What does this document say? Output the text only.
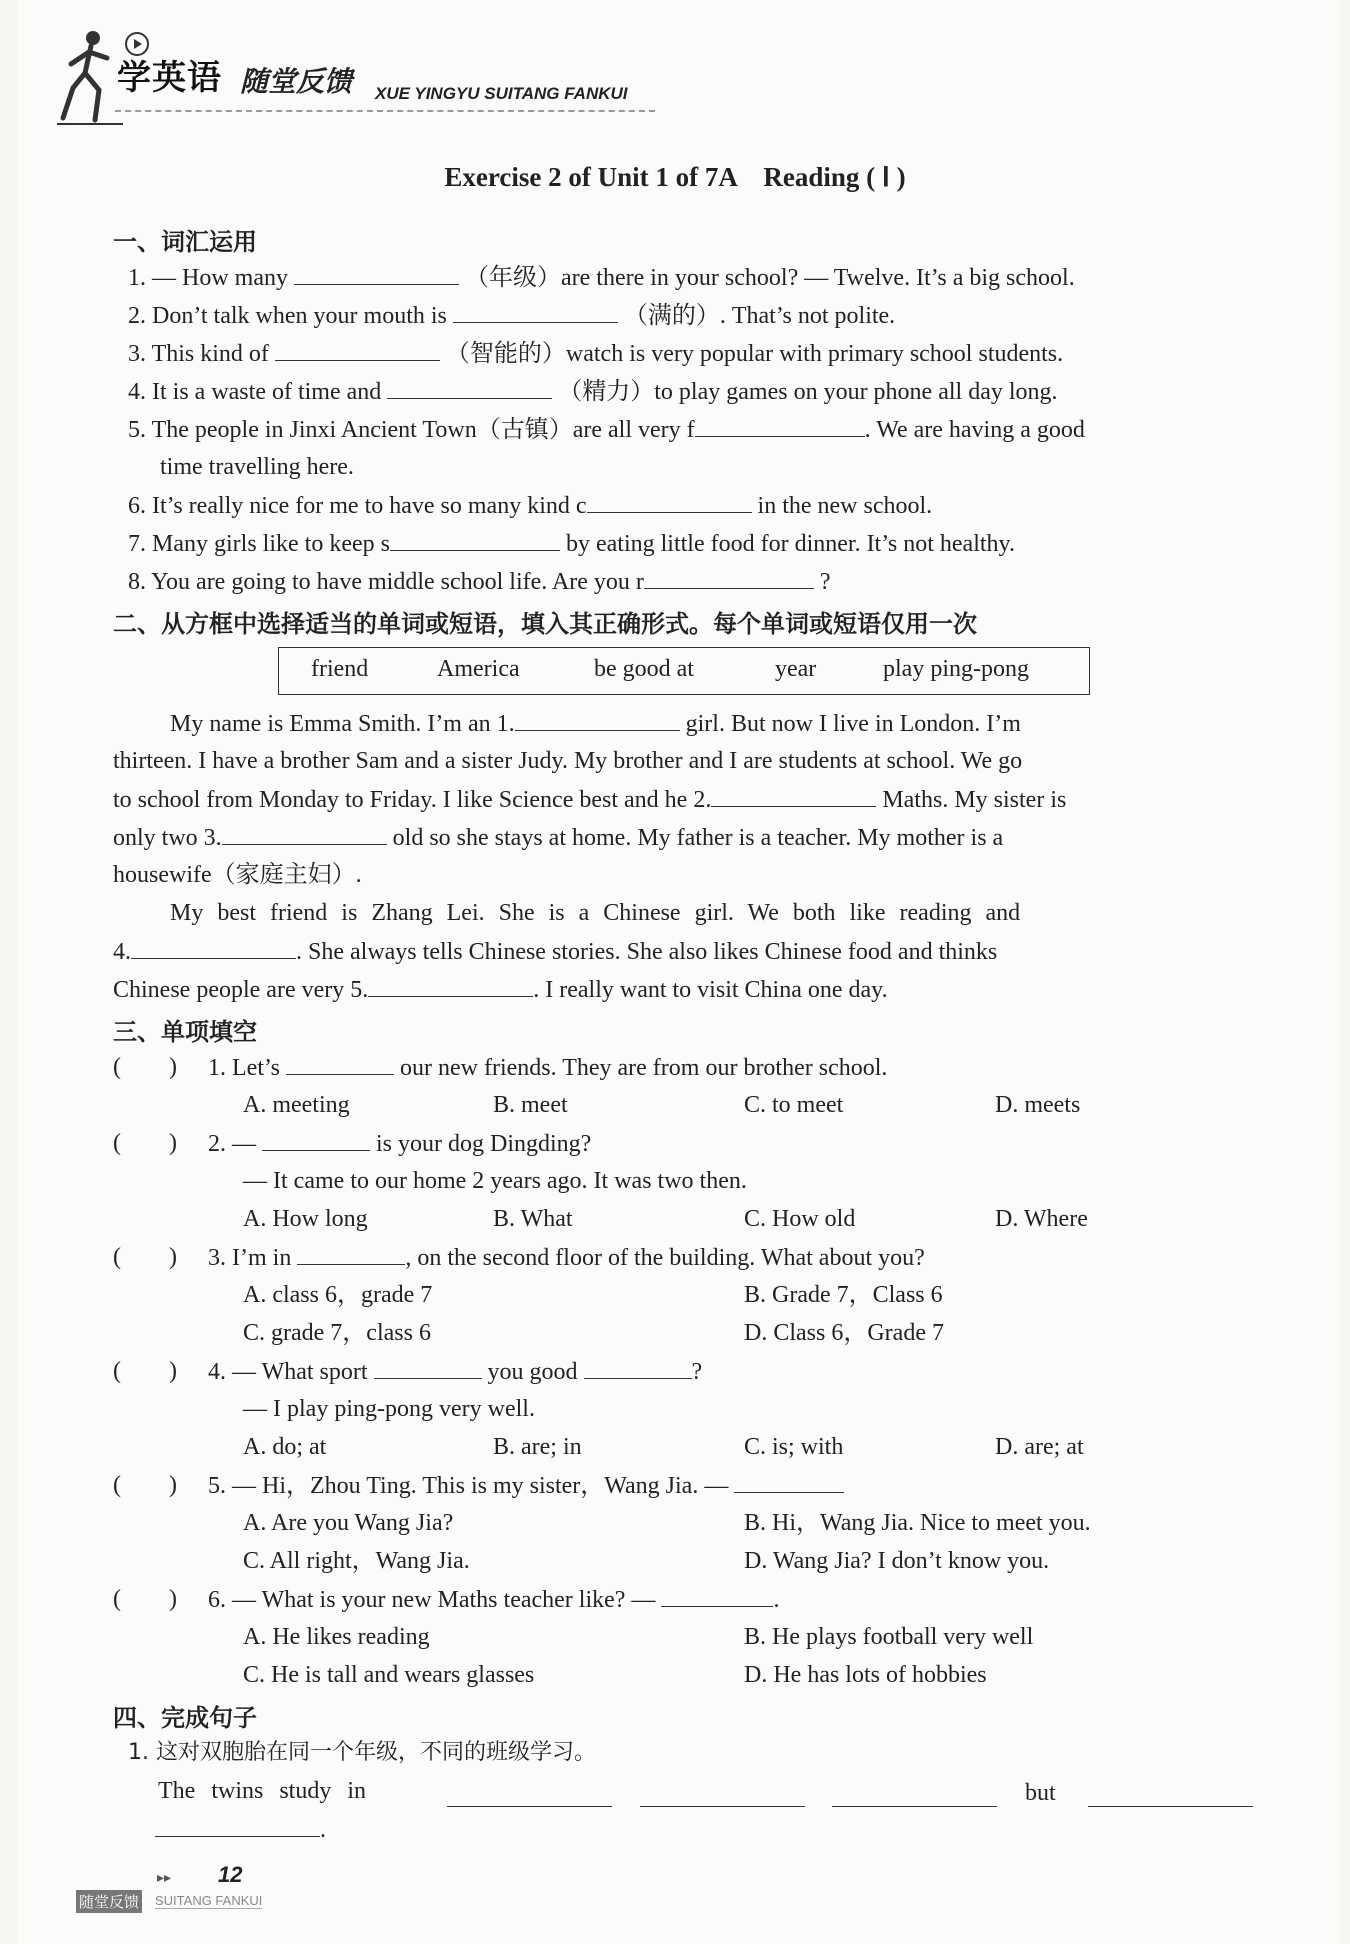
学英语 随堂反馈 XUE YINGYU SUITANG FANKUI
Exercise 2 of Unit 1 of 7A　Reading ( Ⅰ )
一、词汇运用
1. — How many	（年级）are there in your school? — Twelve. It’s a big school.
2. Don’t talk when your mouth is	（满的）. That’s not polite.
3. This kind of	（智能的）watch is very popular with primary school students.
4. It is a waste of time and	（精力）to play games on your phone all day long.
5. The people in Jinxi Ancient Town（古镇）are all very f	. We are having a good
time travelling here.
6. It’s really nice for me to have so many kind c	in the new school.
7. Many girls like to keep s	by eating little food for dinner. It’s not healthy.
8. You are going to have middle school life. Are you r	?
二、从方框中选择适当的单词或短语，填入其正确形式。每个单词或短语仅用一次
friend	America	be good at	year	play ping-pong
My name is Emma Smith. I’m an 1.	girl. But now I live in London. I’m
thirteen. I have a brother Sam and a sister Judy. My brother and I are students at school. We go
to school from Monday to Friday. I like Science best and he 2.	Maths. My sister is
only two 3.	old so she stays at home. My father is a teacher. My mother is a
housewife（家庭主妇）.
My best friend is Zhang Lei. She is a Chinese girl. We both like reading and
4.	. She always tells Chinese stories. She also likes Chinese food and thinks
Chinese people are very 5.	. I really want to visit China one day.
三、单项填空
(　　) 1. Let’s	our new friends. They are from our brother school.
A. meeting	B. meet	C. to meet	D. meets
(　　) 2. —	is your dog Dingding?
— It came to our home 2 years ago. It was two then.
A. How long	B. What	C. How old	D. Where
(　　) 3. I’m in	, on the second floor of the building. What about you?
A. class 6，grade 7	B. Grade 7，Class 6
C. grade 7，class 6	D. Class 6，Grade 7
(　　) 4. — What sport	you good	?
— I play ping-pong very well.
A. do; at	B. are; in	C. is; with	D. are; at
(　　) 5. — Hi，Zhou Ting. This is my sister，Wang Jia. —
A. Are you Wang Jia?	B. Hi，Wang Jia. Nice to meet you.
C. All right，Wang Jia.	D. Wang Jia? I don’t know you.
(　　) 6. — What is your new Maths teacher like? —	.
A. He likes reading	B. He plays football very well
C. He is tall and wears glasses	D. He has lots of hobbies
四、完成句子
1. 这对双胞胎在同一个年级，不同的班级学习。
The twins study in	but
.
▸▸ 12
随堂反馈 SUITANG FANKUI
